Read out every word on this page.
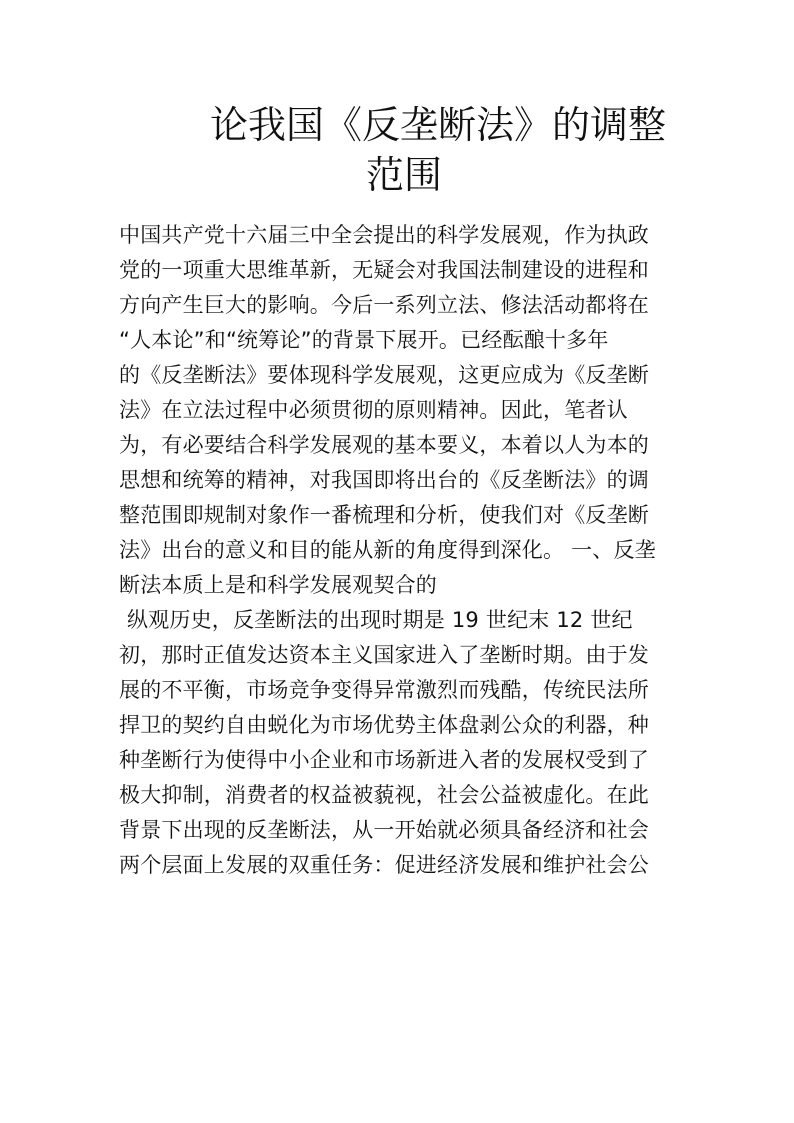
论我国《反垄断法》的调整
范围
中国共产党十六届三中全会提出的科学发展观，作为执政
党的一项重大思维革新，无疑会对我国法制建设的进程和
方向产生巨大的影响。今后一系列立法、修法活动都将在
“人本论”和“统筹论”的背景下展开。已经酝酿十多年
的《反垄断法》要体现科学发展观，这更应成为《反垄断
法》在立法过程中必须贯彻的原则精神。因此，笔者认
为，有必要结合科学发展观的基本要义，本着以人为本的
思想和统筹的精神，对我国即将出台的《反垄断法》的调
整范围即规制对象作一番梳理和分析，使我们对《反垄断
法》出台的意义和目的能从新的角度得到深化。 一、反垄
断法本质上是和科学发展观契合的
纵观历史，反垄断法的出现时期是 19 世纪末 12 世纪
初，那时正值发达资本主义国家进入了垄断时期。由于发
展的不平衡，市场竞争变得异常激烈而残酷，传统民法所
捍卫的契约自由蜕化为市场优势主体盘剥公众的利器，种
种垄断行为使得中小企业和市场新进入者的发展权受到了
极大抑制，消费者的权益被藐视，社会公益被虚化。在此
背景下出现的反垄断法，从一开始就必须具备经济和社会
两个层面上发展的双重任务：促进经济发展和维护社会公
